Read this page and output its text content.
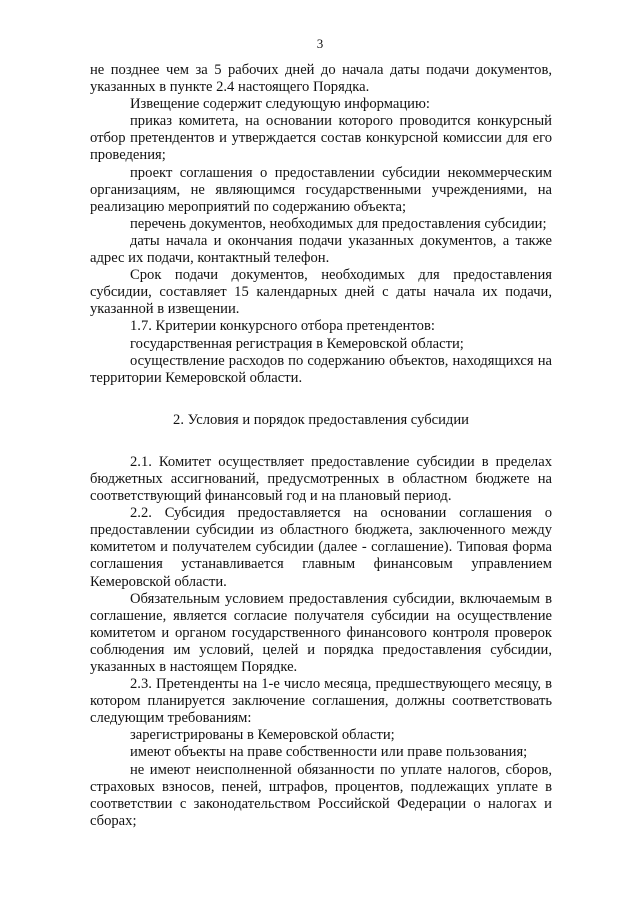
3

не позднее чем за 5 рабочих дней до начала даты подачи документов, указанных в пункте 2.4 настоящего Порядка.

Извещение содержит следующую информацию:

приказ комитета, на основании которого проводится конкурсный отбор претендентов и утверждается состав конкурсной комиссии для его проведения;

проект соглашения о предоставлении субсидии некоммерческим организациям, не являющимся государственными учреждениями, на реализацию мероприятий по содержанию объекта;

перечень документов, необходимых для предоставления субсидии;

даты начала и окончания подачи указанных документов, а также адрес их подачи, контактный телефон.

Срок подачи документов, необходимых для предоставления субсидии, составляет 15 календарных дней с даты начала их подачи, указанной в извещении.

1.7. Критерии конкурсного отбора претендентов:

государственная регистрация в Кемеровской области;

осуществление расходов по содержанию объектов, находящихся на территории Кемеровской области.

2. Условия и порядок предоставления субсидии

2.1. Комитет осуществляет предоставление субсидии в пределах бюджетных ассигнований, предусмотренных в областном бюджете на соответствующий финансовый год и на плановый период.

2.2. Субсидия предоставляется на основании соглашения о предоставлении субсидии из областного бюджета, заключенного между комитетом и получателем субсидии (далее - соглашение). Типовая форма соглашения устанавливается главным финансовым управлением Кемеровской области.

Обязательным условием предоставления субсидии, включаемым в соглашение, является согласие получателя субсидии на осуществление комитетом и органом государственного финансового контроля проверок соблюдения им условий, целей и порядка предоставления субсидии, указанных в настоящем Порядке.

2.3. Претенденты на 1-е число месяца, предшествующего месяцу, в котором планируется заключение соглашения, должны соответствовать следующим требованиям:

зарегистрированы в Кемеровской области;

имеют объекты на праве собственности или праве пользования;

не имеют неисполненной обязанности по уплате налогов, сборов, страховых взносов, пеней, штрафов, процентов, подлежащих уплате в соответствии с законодательством Российской Федерации о налогах и сборах;
